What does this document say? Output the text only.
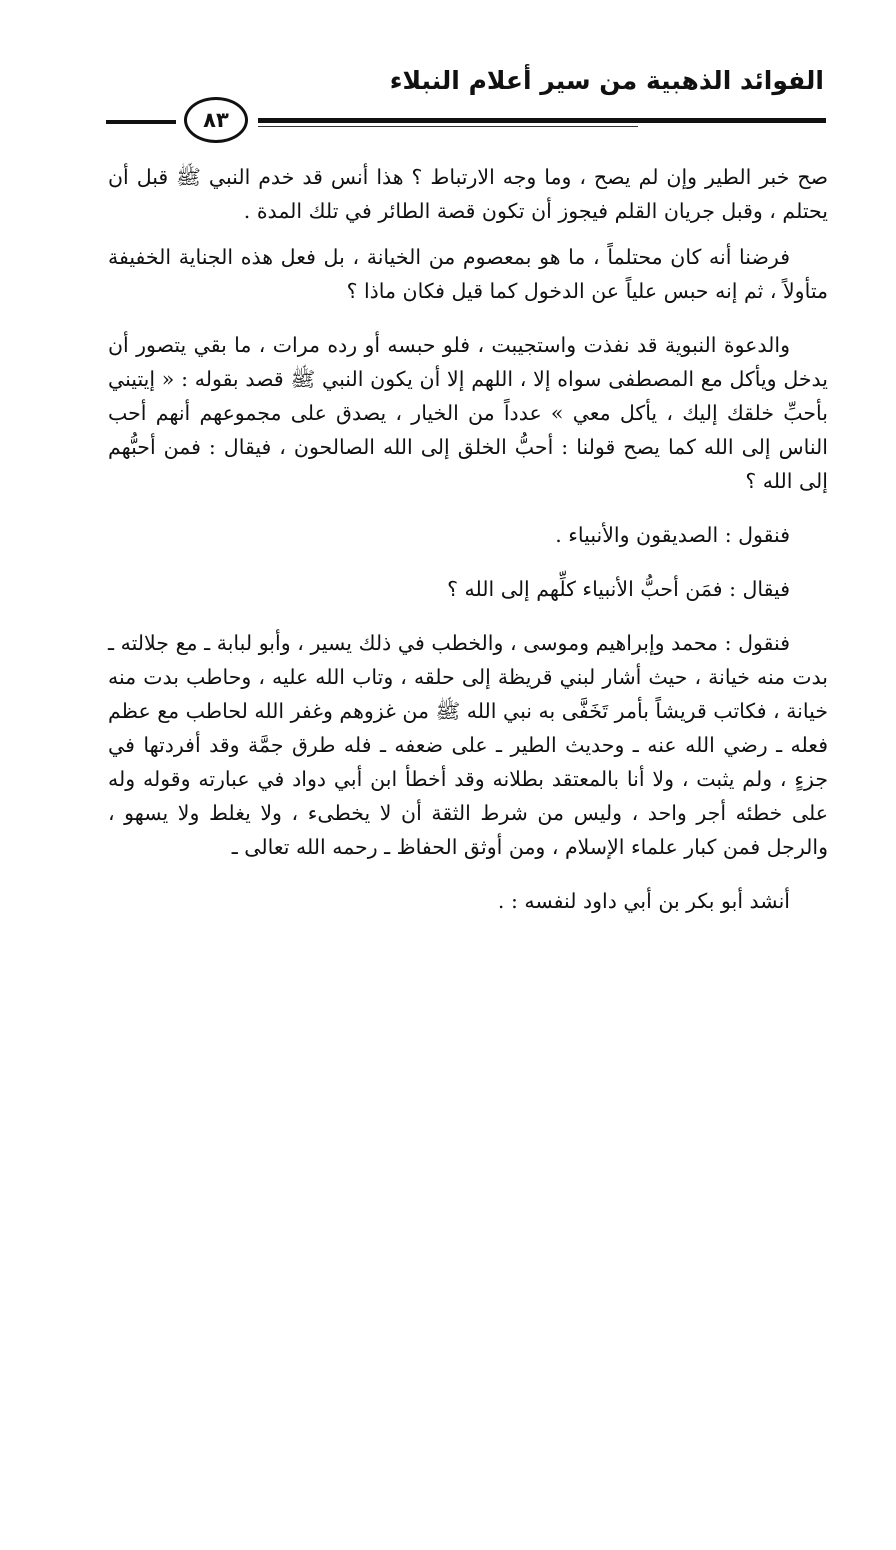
الفوائد الذهبية من سير أعلام النبلاء
٨٣

صح خبر الطير وإن لم يصح ، وما وجه الارتباط ؟ هذا أنس قد خدم النبي ﷺ قبل أن يحتلم ، وقبل جريان القلم فيجوز أن تكون قصة الطائر في تلك المدة .

فرضنا أنه كان محتلماً ، ما هو بمعصوم من الخيانة ، بل فعل هذه الجناية الخفيفة متأولاً ، ثم إنه حبس علياً عن الدخول كما قيل فكان ماذا ؟

والدعوة النبوية قد نفذت واستجيبت ، فلو حبسه أو رده مرات ، ما بقي يتصور أن يدخل ويأكل مع المصطفى سواه إلا ، اللهم إلا أن يكون النبي ﷺ قصد بقوله : « إيتيني بأحبِّ خلقك إليك ، يأكل معي » عدداً من الخيار ، يصدق على مجموعهم أنهم أحب الناس إلى الله كما يصح قولنا : أحبُّ الخلق إلى الله الصالحون ، فيقال : فمن أحبُّهم إلى الله ؟

فنقول : الصديقون والأنبياء .

فيقال : فمَن أحبُّ الأنبياء كلِّهم إلى الله ؟

فنقول : محمد وإبراهيم وموسى ، والخطب في ذلك يسير ، وأبو لبابة ـ مع جلالته ـ بدت منه خيانة ، حيث أشار لبني قريظة إلى حلقه ، وتاب الله عليه ، وحاطب بدت منه خيانة ، فكاتب قريشاً بأمر تَخَفَّى به نبي الله ﷺ من غزوهم وغفر الله لحاطب مع عظم فعله ـ رضي الله عنه ـ وحديث الطير ـ على ضعفه ـ فله طرق جمَّة وقد أفردتها في جزءٍ ، ولم يثبت ، ولا أنا بالمعتقد بطلانه وقد أخطأ ابن أبي دواد في عبارته وقوله وله على خطئه أجر واحد ، وليس من شرط الثقة أن لا يخطىء ، ولا يغلط ولا يسهو ، والرجل فمن كبار علماء الإسلام ، ومن أوثق الحفاظ ـ رحمه الله تعالى ـ

أنشد أبو بكر بن أبي داود لنفسه : .
